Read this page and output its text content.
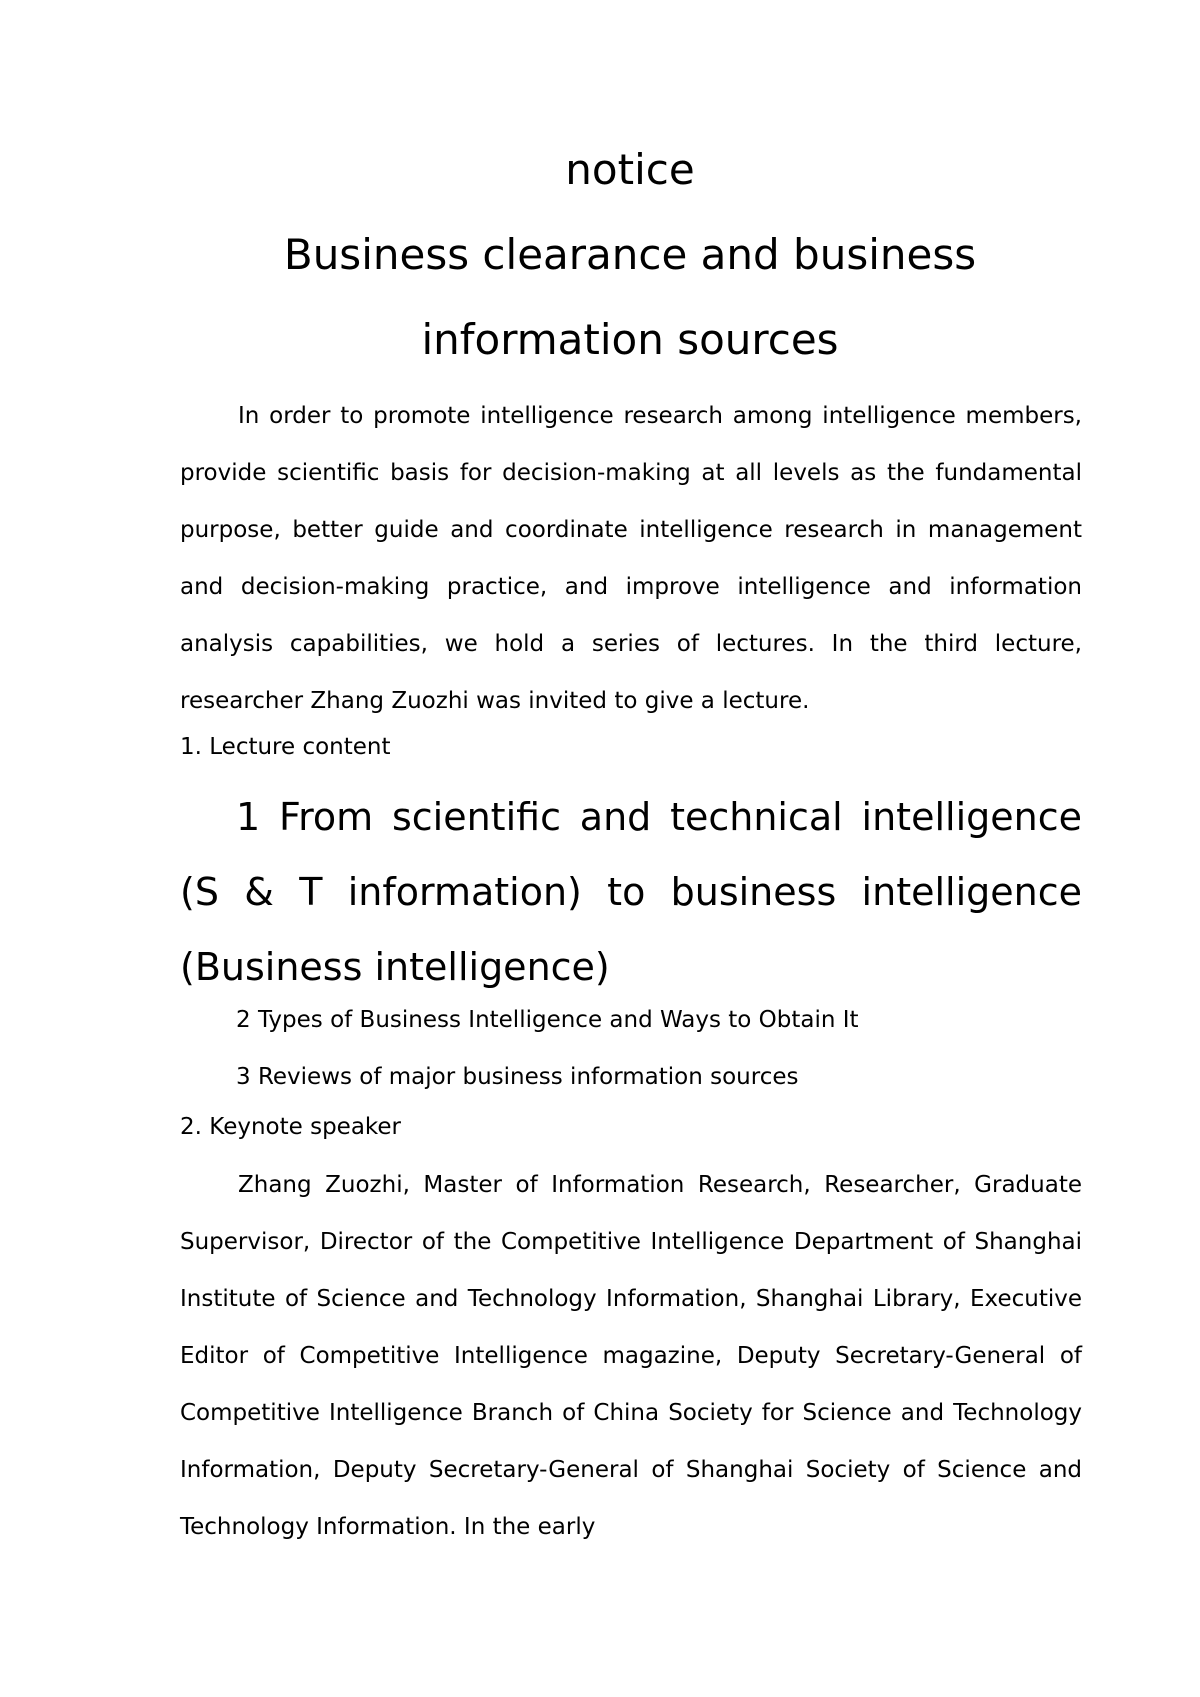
notice
Business clearance and business
information sources
In order to promote intelligence research among intelligence members, provide scientific basis for decision-making at all levels as the fundamental purpose, better guide and coordinate intelligence research in management and decision-making practice, and improve intelligence and information analysis capabilities, we hold a series of lectures. In the third lecture, researcher Zhang Zuozhi was invited to give a lecture.
1. Lecture content
1 From scientific and technical intelligence (S & T information) to business intelligence (Business intelligence)
2 Types of Business Intelligence and Ways to Obtain It
3 Reviews of major business information sources
2. Keynote speaker
Zhang Zuozhi, Master of Information Research, Researcher, Graduate Supervisor, Director of the Competitive Intelligence Department of Shanghai Institute of Science and Technology Information, Shanghai Library, Executive Editor of Competitive Intelligence magazine, Deputy Secretary-General of Competitive Intelligence Branch of China Society for Science and Technology Information, Deputy Secretary-General of Shanghai Society of Science and Technology Information. In the early
